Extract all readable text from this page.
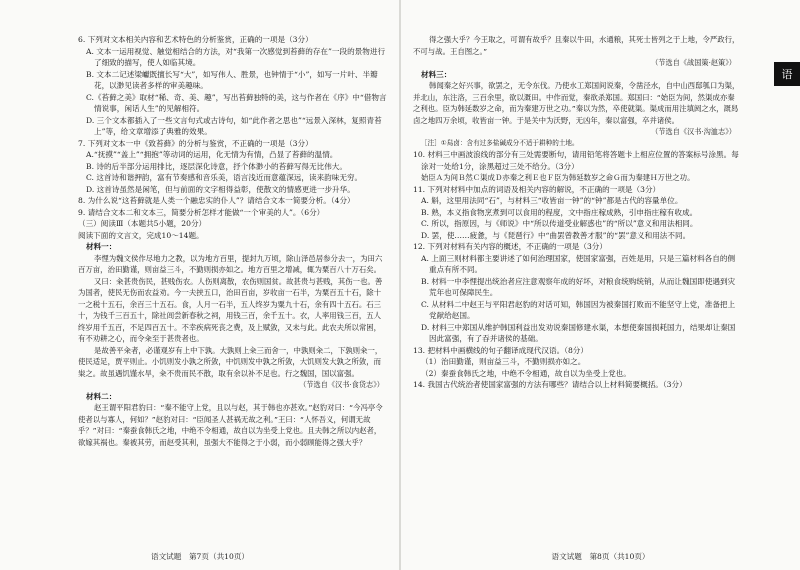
6. 下列对文本相关内容和艺术特色的分析鉴赏，正确的一项是（3分）

A. 文本一运用视觉、触觉相结合的方法，对“我第一次感觉到苔藓的存在”一段的景物进行了细致的描写，使人如临其境。

B. 文本二记述梁巘既擅长写“大”，如写伟人、胜景，也钟情于“小”，如写一片叶、半瓣花，以渺见读者多样的审美趣味。

C.《苔藓之美》取材“稀、奇、美、趣”，写出苔藓独特的美，这与作者在《序》中“借物言情说事，闲话人生”的见解相符。

D. 三个文本都插入了一些文言句式或古诗句，如“此作者之思也”“远景入深林，复照青苔上”等，给文章增添了典雅的效果。

7. 下列对文本一中《致苔藓》的分析与鉴赏，不正确的一项是（3分）

A.“抚摸”“盖上”“拥抱”等动词的运用，化无情为有情，凸显了苔藓的温情。

B. 诗的后半部分运用排比，逐层深化诗意，抒个体渺小的苔藓写得无比伟大。

C. 这首诗和谐押韵，富有节奏感和音乐美，语言浅近而意蕴深远，读来韵味无穷。

D. 这首诗虽然是闲笔，但与前面的文字相得益彰，使散文的情感更进一步升华。

8. 为什么说“这苔藓就是人类一个融忠实的仆人”？请结合文本一简要分析。（4分）

9. 请结合文本二和文本三，简要分析怎样才能做“一个审美的人”。（6分）

（三）阅读Ⅲ（本题共5小题，20分）

阅读下面的文言文，完成10～14题。

材料一：

李悝为魏文侯作尽地力之教，以为地方百里，提封九万顷，除山泽邑居参分去一，为田六百万亩，治田勤谨，则亩益三斗，不勤则损亦如之。地方百里之增减，辄为粟百八十万石矣。

又曰：籴甚贵伤民，甚贱伤农。人伤则离散，农伤则国贫。故甚贵与甚贱，其伤一也。善为国者，使民无伤而农益劝。今一夫挟五口，治田百亩，岁收亩一石半，为粟百五十石，除十一之税十五石，余百三十五石。食，人月一石半，五人终岁为粟九十石，余有四十五石。石三十，为钱千三百五十，除社闾尝新春秋之祠，用钱三百，余千五十。衣，人率用钱三百，五人终岁用千五百，不足四百五十。不幸疾病死丧之费，及上赋敛，又未与此。此农夫所以常困，有不劝耕之心，而令籴至于甚贵者也。

是故善平籴者，必谨观岁有上中下孰。大孰则上籴三而舍一，中孰则籴二，下孰则籴一，使民适足，贾平则止。小饥则发小孰之所敛，中饥则发中孰之所敛，大饥则发大孰之所敛，而粜之。故虽遇饥馑水旱，籴不贵而民不散，取有余以补不足也。行之魏国，国以富强。

（节选自《汉书·食货志》）

材料二：

赵王谓平阳君豹曰：“秦不能守上党，且以与赵，其于韩也亦甚欢。”赵豹对曰：“今冯亭令使者以与寡人，何如？”赵豹对曰：“臣闻圣人甚祸无故之利。”王曰：“人怀吾义，何谓无故乎？”对曰：“秦蚕食韩氏之地，中绝不令相通，故自以为坐受上党也。且夫韩之所以内赵者，欲嫁其祸也。秦被其劳，而赵受其利，虽强大不能得之于小弱，而小弱顾能得之强大乎？

语文试题　第7页（共10页）

得之强大乎？今王取之，可谓有故乎？且秦以牛田，水通粮，其死士皆列之于上地，令严政行，不可与战。王自图之。”

（节选自《战国策·赵策》）

材料三：

韩闻秦之好兴事，欲罢之，无令东伐。乃使水工郑国间说秦，令凿泾水，自中山西邸瓠口为渠，并北山，东注洛，三百余里，欲以溉田。中作而觉，秦欲杀郑国。郑国曰：“始臣为间，然渠成亦秦之利也。臣为韩延数岁之命，而为秦建万世之功。”秦以为然，卒使就渠。渠成而用注填阏之水，溉舄卤之地四万余顷，收皆亩一钟。于是关中为沃野，无凶年，秦以富强，卒并诸侯。

（节选自《汉书·沟洫志》）

［注］①舄卤：含有过多盐碱成分不适于耕种的土地。

10. 材料三中画波浪线的部分有三处需要断句，请用铅笔将答题卡上相应位置的答案标号涂黑。每涂对一处给1分，涂黑超过三处不给分。（3分）

始臣Ａ为间Ｂ然Ｃ渠成Ｄ亦秦之利Ｅ也Ｆ臣为韩延数岁之命Ｇ而为秦建Ｈ万世之功。

11. 下列对材料中加点的词语及相关内容的解说，不正确的一项是（3分）

A. 斛，这里用法同“石”，与材料三“收皆亩一钟”的“钟”都是古代的容量单位。

B. 熟，本义指食物烹煮到可以食用的程度，文中指庄稼成熟，引申指庄稼有收成。

C. 所以，指原因，与《师说》中“所以传道受业解惑也”的“所以”意义和用法相同。

D. 罢，使……疲惫，与《琵琶行》中“曲罢曾教善才服”的“罢”意义和用法不同。

12. 下列对材料有关内容的概述，不正确的一项是（3分）

A. 上面三则材料都主要讲述了如何治理国家，使国家富强，百姓是用，只是三篇材料各自的侧重点有所不同。

B. 材料一中李悝提出统治者应注意观察年成的好坏，对粮食统购统销，从而让魏国即使遇到灾荒年也可保障民生。

C. 从材料二中赵王与平阳君赵豹的对话可知，韩国因为被秦国打败而不能坚守上党，准备把上党献给赵国。

D. 材料三中郑国从维护韩国利益出发劝说秦国修建水渠，本想使秦国损耗国力，结果却让秦国因此富强，有了吞并诸侯的基础。

13. 把材料中画横线的句子翻译成现代汉语。（8分）

（1）治田勤谨，则亩益三斗，不勤则损亦如之。

（2）秦蚕食韩氏之地，中绝不令相通，故自以为坐受上党也。

14. 我国古代统治者使国家富强的方法有哪些？请结合以上材料简要概括。（3分）

语文试题　第8页（共10页）
语
